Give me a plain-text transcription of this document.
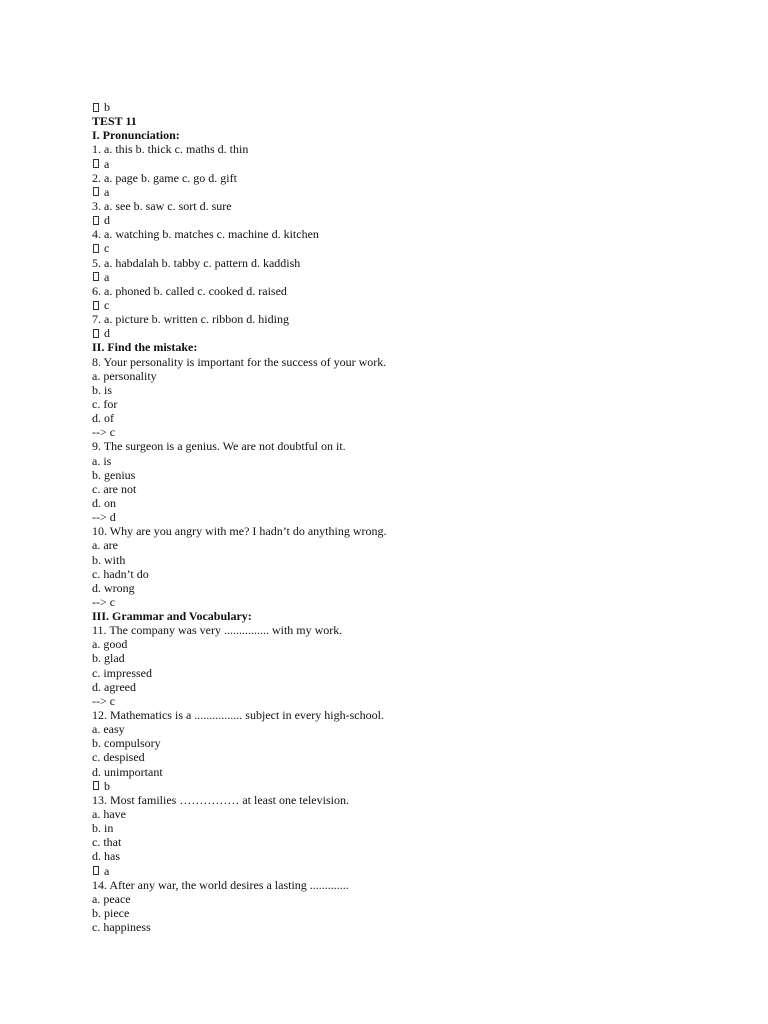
b
TEST 11
I. Pronunciation:
1. a. this b. thick c. maths d. thin
a
2. a. page b. game c. go d. gift
a
3. a. see b. saw c. sort d. sure
d
4. a. watching b. matches c. machine d. kitchen
c
5. a. habdalah b. tabby c. pattern d. kaddish
a
6. a. phoned b. called c. cooked d. raised
c
7. a. picture b. written c. ribbon d. hiding
d
II. Find the mistake:
8. Your personality is important for the success of your work.
a. personality
b. is
c. for
d. of
--> c
9. The surgeon is a genius. We are not doubtful on it.
a. is
b. genius
c. are not
d. on
--> d
10. Why are you angry with me? I hadn’t do anything wrong.
a. are
b. with
c. hadn’t do
d. wrong
--> c
III. Grammar and Vocabulary:
11. The company was very ............... with my work.
a. good
b. glad
c. impressed
d. agreed
--> c
12. Mathematics is a ................ subject in every high-school.
a. easy
b. compulsory
c. despised
d. unimportant
b
13. Most families …………… at least one television.
a. have
b. in
c. that
d. has
a
14. After any war, the world desires a lasting .............
a. peace
b. piece
c. happiness
